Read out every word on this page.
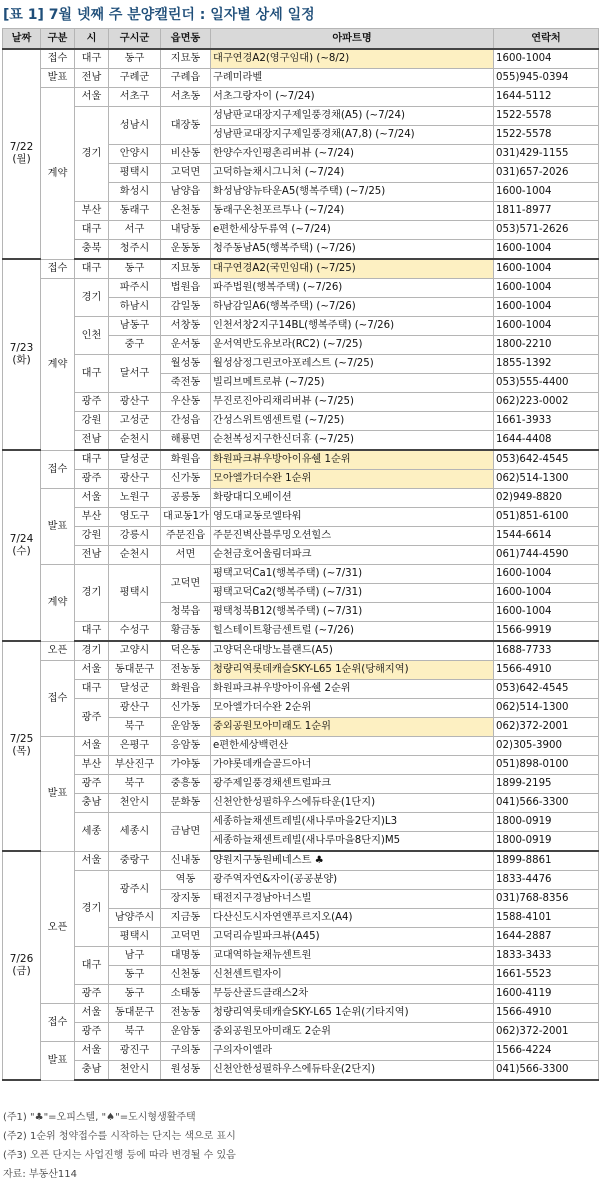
[표 1] 7월 넷째 주 분양캘린더 : 일자별 상세 일정
날짜	구분	시	구시군	읍면동	아파트명	연락처
7/22 (월)	접수	대구	동구	지묘동	대구연경A2(영구임대) (~8/2)	1600-1004
	발표	전남	구례군	구례읍	구례미라벨	055)945-0394
	계약	서울	서초구	서초동	서초그랑자이 (~7/24)	1644-5112
		경기	성남시	대장동	성남판교대장지구제일풍경채(A5) (~7/24)	1522-5578
					성남판교대장지구제일풍경채(A7,8) (~7/24)	1522-5578
			안양시	비산동	한양수자인평촌리버뷰 (~7/24)	031)429-1155
			평택시	고덕면	고덕하늘채시그니처 (~7/24)	031)657-2026
			화성시	남양읍	화성남양뉴타운A5(행복주택) (~7/25)	1600-1004
		부산	동래구	온천동	동래구온천포르투나 (~7/24)	1811-8977
		대구	서구	내당동	e편한세상두류역 (~7/24)	053)571-2626
		충북	청주시	운동동	청주동남A5(행복주택) (~7/26)	1600-1004
7/23 (화)	접수	대구	동구	지묘동	대구연경A2(국민임대) (~7/25)	1600-1004
	계약	경기	파주시	법원읍	파주법원(행복주택) (~7/26)	1600-1004
			하남시	감일동	하남감일A6(행복주택) (~7/26)	1600-1004
		인천	남동구	서창동	인천서창2지구14BL(행복주택) (~7/26)	1600-1004
			중구	운서동	운서역반도유보라(RC2) (~7/25)	1800-2210
		대구	달서구	월성동	월성삼정그린코아포레스트 (~7/25)	1855-1392
				죽전동	빌리브메트로뷰 (~7/25)	053)555-4400
		광주	광산구	우산동	무진로진아리채리버뷰 (~7/25)	062)223-0002
		강원	고성군	간성읍	간성스위트엠센트럴 (~7/25)	1661-3933
		전남	순천시	해룡면	순천복성지구한신더휴 (~7/25)	1644-4408
7/24 (수)	접수	대구	달성군	화원읍	화원파크뷰우방아이유쉘 1순위	053)642-4545
		광주	광산구	신가동	모아엘가더수완 1순위	062)514-1300
	발표	서울	노원구	공릉동	화랑대디오베이션	02)949-8820
		부산	영도구	대교동1가	영도대교동로엘타워	051)851-6100
		강원	강릉시	주문진읍	주문진벽산블루밍오션힐스	1544-6614
		전남	순천시	서면	순천금호어울림더파크	061)744-4590
	계약	경기	평택시	고덕면	평택고덕Ca1(행복주택) (~7/31)	1600-1004
					평택고덕Ca2(행복주택) (~7/31)	1600-1004
				청북읍	평택청북B12(행복주택) (~7/31)	1600-1004
		대구	수성구	황금동	힐스테이트황금센트럴 (~7/26)	1566-9919
7/25 (목)	오픈	경기	고양시	덕은동	고양덕은대방노블랜드(A5)	1688-7733
	접수	서울	동대문구	전농동	청량리역롯데캐슬SKY-L65 1순위(당해지역)	1566-4910
		대구	달성군	화원읍	화원파크뷰우방아이유쉘 2순위	053)642-4545
		광주	광산구	신가동	모아엘가더수완 2순위	062)514-1300
			북구	운암동	중외공원모아미래도 1순위	062)372-2001
	발표	서울	은평구	응암동	e편한세상백련산	02)305-3900
		부산	부산진구	가야동	가야롯데캐슬골드아너	051)898-0100
		광주	북구	중흥동	광주제일풍경채센트럴파크	1899-2195
		충남	천안시	문화동	신천안한성필하우스에듀타운(1단지)	041)566-3300
		세종	세종시	금남면	세종하늘채센트레빌(새나루마을2단지)L3	1800-0919
					세종하늘채센트레빌(새나루마을8단지)M5	1800-0919
7/26 (금)	오픈	서울	중랑구	신내동	양원지구동원베네스트 ♣	1899-8861
		경기	광주시	역동	광주역자연&자이(공공분양)	1833-4476
				장지동	태전지구경남아너스빌	031)768-8356
			남양주시	지금동	다산신도시자연앤푸르지오(A4)	1588-4101
			평택시	고덕면	고덕리슈빌파크뷰(A45)	1644-2887
		대구	남구	대명동	교대역하늘채뉴센트원	1833-3433
			동구	신천동	신천센트럴자이	1661-5523
		광주	동구	소태동	무등산골드클래스2차	1600-4119
	접수	서울	동대문구	전농동	청량리역롯데캐슬SKY-L65 1순위(기타지역)	1566-4910
		광주	북구	운암동	중외공원모아미래도 2순위	062)372-2001
	발표	서울	광진구	구의동	구의자이엘라	1566-4224
		충남	천안시	원성동	신천안한성필하우스에듀타운(2단지)	041)566-3300
(주1) "♣"=오피스텔, "♠"=도시형생활주택
(주2) 1순위 청약접수를 시작하는 단지는 색으로 표시
(주3) 오픈 단지는 사업진행 등에 따라 변경될 수 있음
자료: 부동산114
